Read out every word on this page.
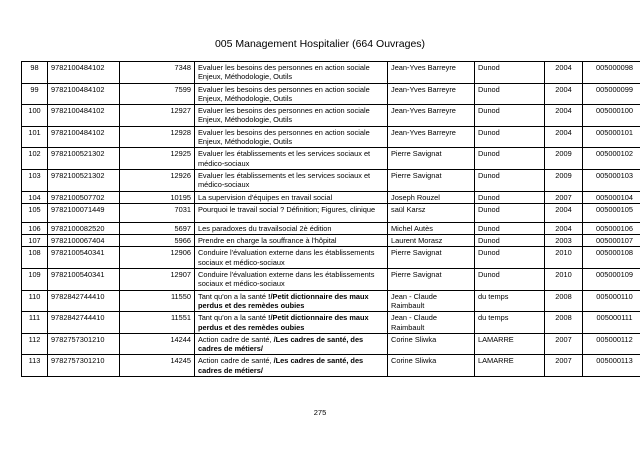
005 Management Hospitalier (664 Ouvrages)
98	9782100484102	7348	Evaluer les besoins des personnes en action sociale Enjeux, Méthodologie, Outils	Jean-Yves Barreyre	Dunod	2004	005000098
99	9782100484102	7599	Evaluer les besoins des personnes en action sociale Enjeux, Méthodologie, Outils	Jean-Yves Barreyre	Dunod	2004	005000099
100	9782100484102	12927	Evaluer les besoins des personnes en action sociale Enjeux, Méthodologie, Outils	Jean-Yves Barreyre	Dunod	2004	005000100
101	9782100484102	12928	Evaluer les besoins des personnes en action sociale Enjeux, Méthodologie, Outils	Jean-Yves Barreyre	Dunod	2004	005000101
102	9782100521302	12925	Evaluer les établissements et les services sociaux et médico-sociaux	Pierre Savignat	Dunod	2009	005000102
103	9782100521302	12926	Evaluer les établissements et les services sociaux et médico-sociaux	Pierre Savignat	Dunod	2009	005000103
104	9782100507702	10195	La supervision d'équipes en travail social	Joseph Rouzel	Dunod	2007	005000104
105	9782100071449	7031	Pourquoi le travail social ? Définition; Figures, clinique	saül Karsz	Dunod	2004	005000105
106	9782100082520	5697	Les paradoxes du travailsocial 2è édition	Michel Autès	Dunod	2004	005000106
107	9782100067404	5966	Prendre en charge la souffrance à l'hôpital	Laurent Morasz	Dunod	2003	005000107
108	9782100540341	12906	Conduire l'évaluation externe dans les établissements sociaux et médico-sociaux	Pierre Savignat	Dunod	2010	005000108
109	9782100540341	12907	Conduire l'évaluation externe dans les établissements sociaux et médico-sociaux	Pierre Savignat	Dunod	2010	005000109
110	9782842744410	11550	Tant qu'on a la santé !/Petit dictionnaire des maux perdus et des remèdes oubies	Jean - Claude Raimbault	du temps	2008	005000110
111	9782842744410	11551	Tant qu'on a la santé !/Petit dictionnaire des maux perdus et des remèdes oubies	Jean - Claude Raimbault	du temps	2008	005000111
112	9782757301210	14244	Action cadre de santé, /Les cadres de santé, des cadres de métiers/	Corine Sliwka	LAMARRE	2007	005000112
113	9782757301210	14245	Action cadre de santé, /Les cadres de santé, des cadres de métiers/	Corine Sliwka	LAMARRE	2007	005000113
275
